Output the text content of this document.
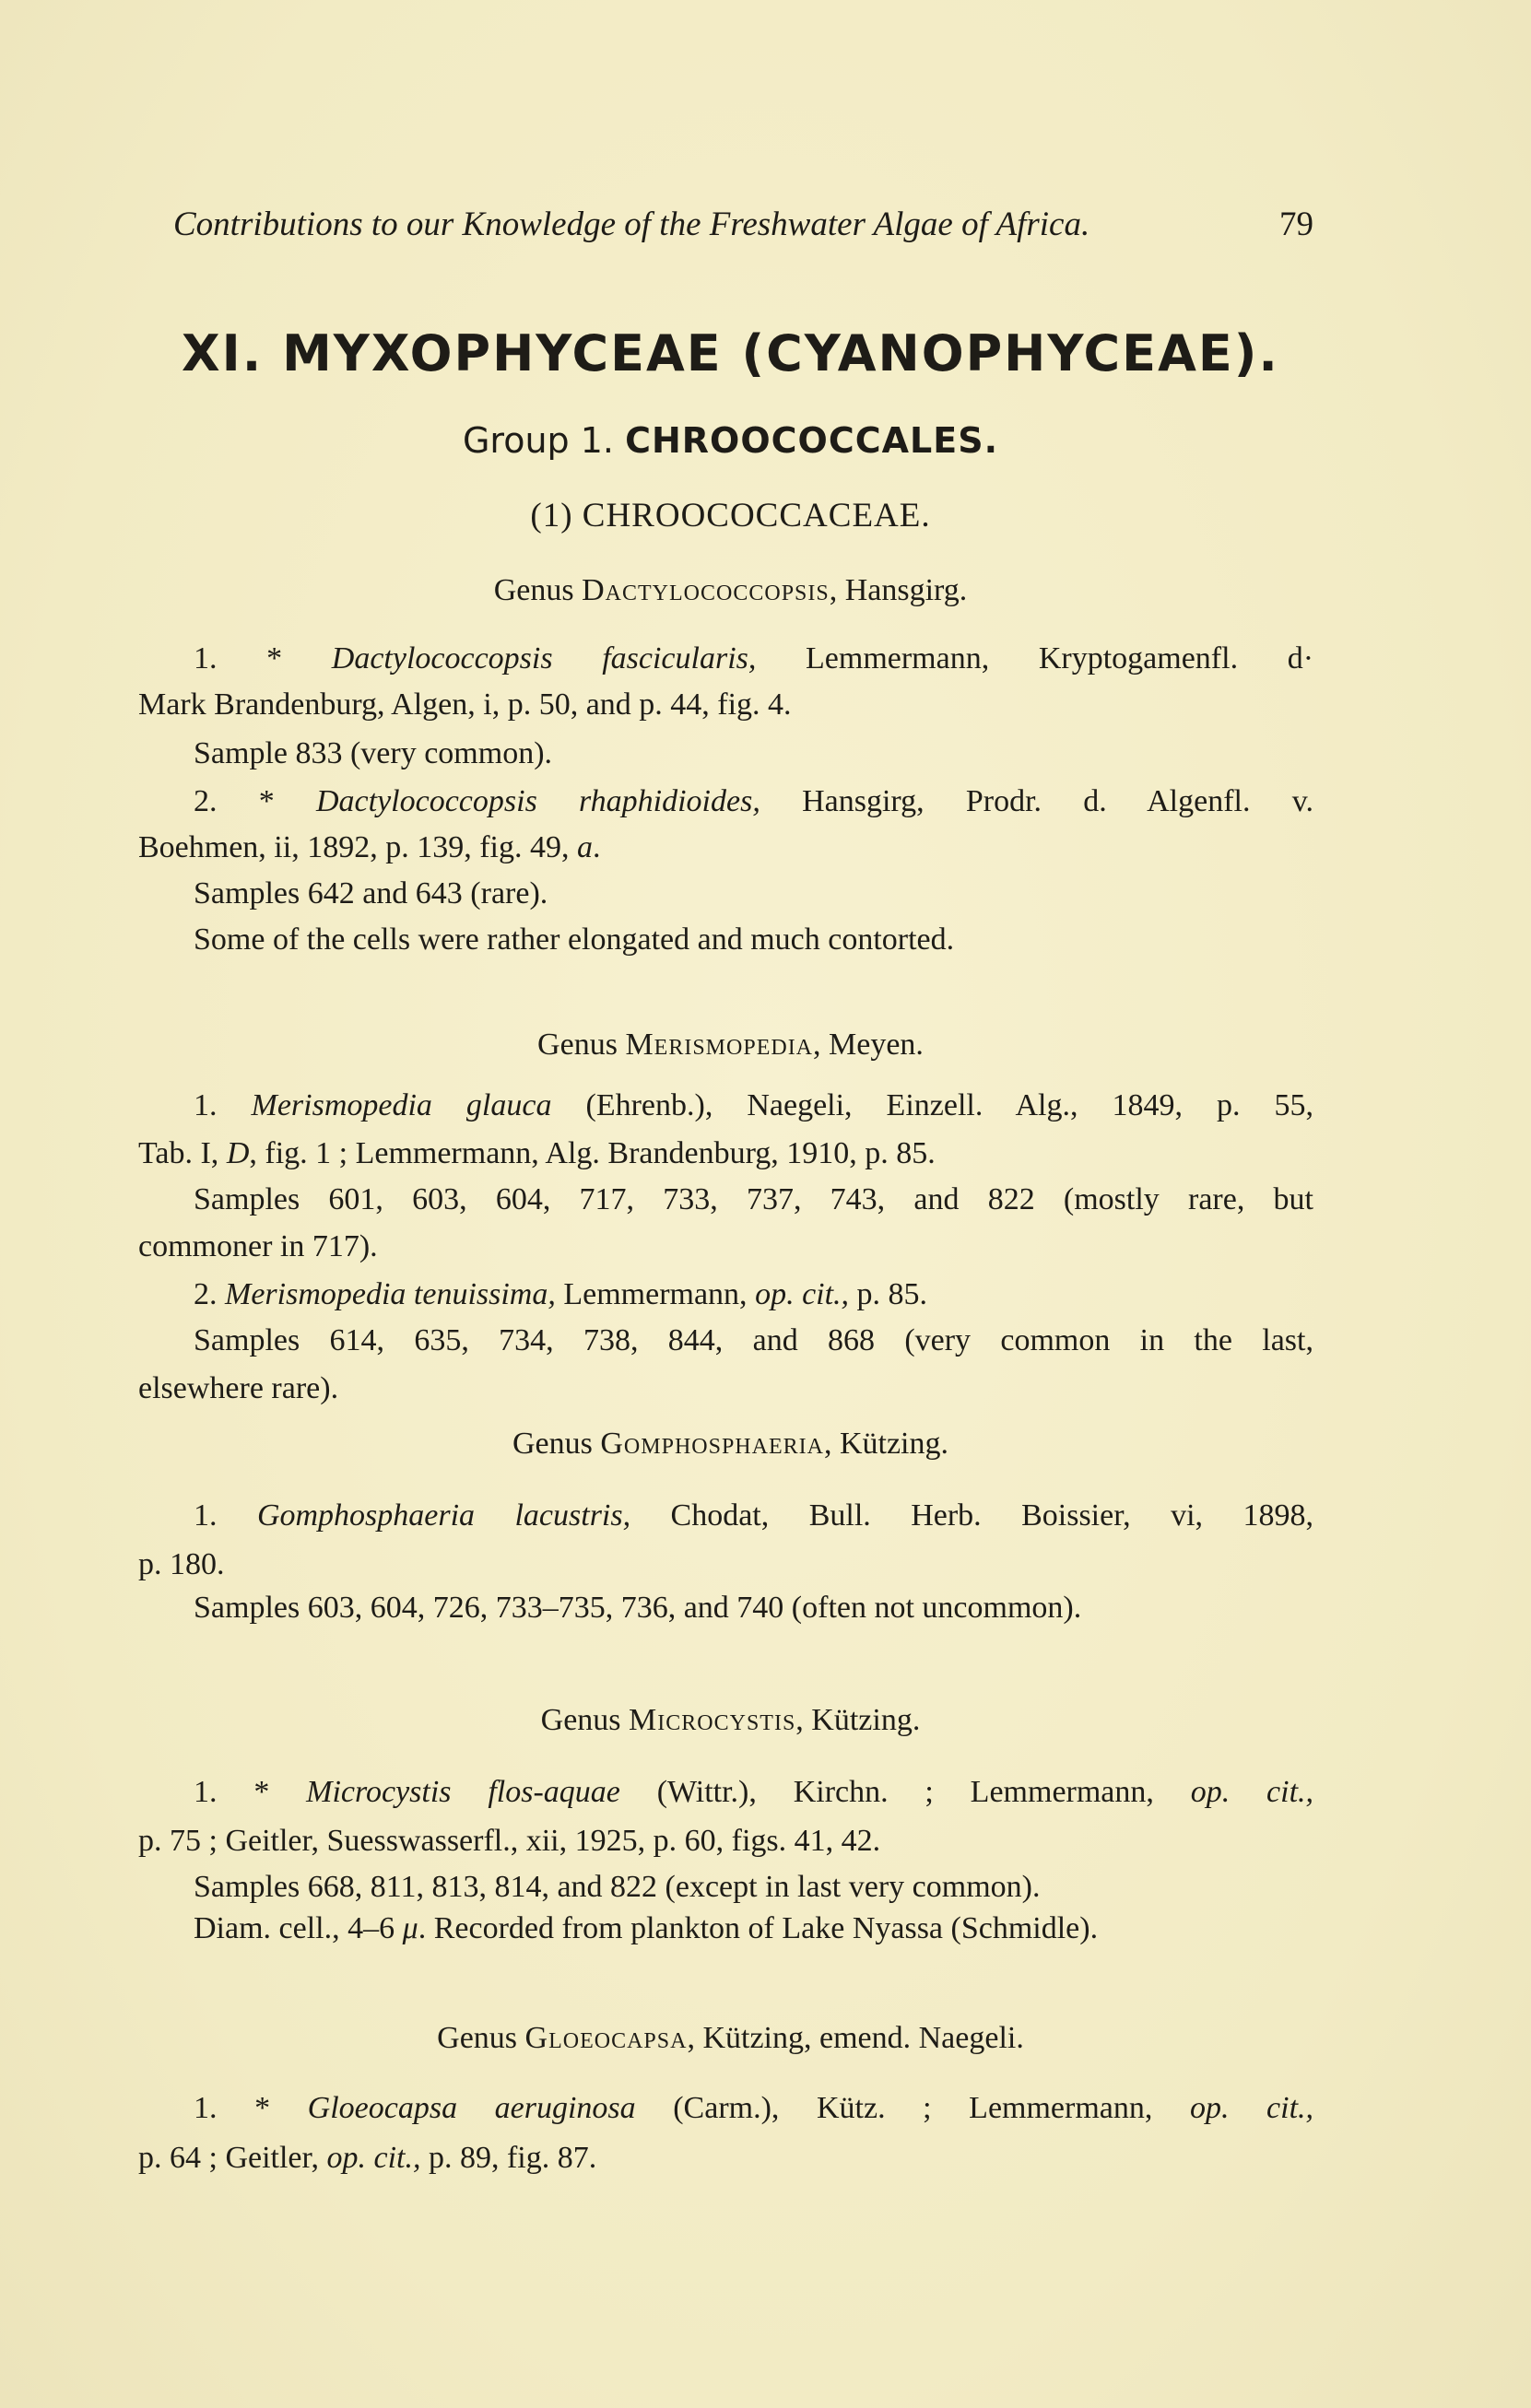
Contributions to our Knowledge of the Freshwater Algae of Africa.	79
XI. MYXOPHYCEAE (CYANOPHYCEAE).
Group 1. CHROOCOCCALES.
(1) CHROOCOCCACEAE.
Genus Dactylococcopsis, Hansgirg.
1. * Dactylococcopsis fascicularis, Lemmermann, Kryptogamenfl. d·
Mark Brandenburg, Algen, i, p. 50, and p. 44, fig. 4.
Sample 833 (very common).
2. * Dactylococcopsis rhaphidioides, Hansgirg, Prodr. d. Algenfl. v.
Boehmen, ii, 1892, p. 139, fig. 49, a.
Samples 642 and 643 (rare).
Some of the cells were rather elongated and much contorted.
Genus Merismopedia, Meyen.
1. Merismopedia glauca (Ehrenb.), Naegeli, Einzell. Alg., 1849, p. 55,
Tab. I, D, fig. 1 ; Lemmermann, Alg. Brandenburg, 1910, p. 85.
Samples 601, 603, 604, 717, 733, 737, 743, and 822 (mostly rare, but
commoner in 717).
2. Merismopedia tenuissima, Lemmermann, op. cit., p. 85.
Samples 614, 635, 734, 738, 844, and 868 (very common in the last,
elsewhere rare).
Genus Gomphosphaeria, Kützing.
1. Gomphosphaeria lacustris, Chodat, Bull. Herb. Boissier, vi, 1898,
p. 180.
Samples 603, 604, 726, 733–735, 736, and 740 (often not uncommon).
Genus Microcystis, Kützing.
1. * Microcystis flos-aquae (Wittr.), Kirchn. ; Lemmermann, op. cit.,
p. 75 ; Geitler, Suesswasserfl., xii, 1925, p. 60, figs. 41, 42.
Samples 668, 811, 813, 814, and 822 (except in last very common).
Diam. cell., 4–6 μ. Recorded from plankton of Lake Nyassa (Schmidle).
Genus Gloeocapsa, Kützing, emend. Naegeli.
1. * Gloeocapsa aeruginosa (Carm.), Kütz. ; Lemmermann, op. cit.,
p. 64 ; Geitler, op. cit., p. 89, fig. 87.
